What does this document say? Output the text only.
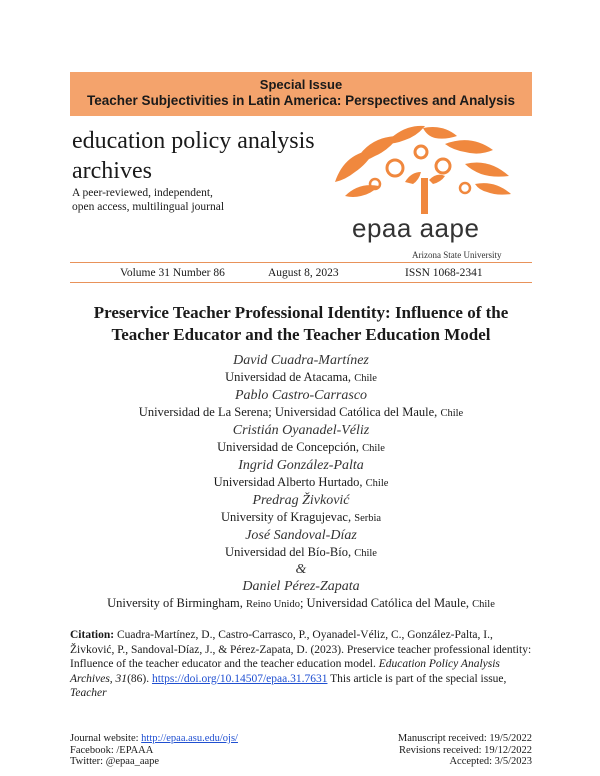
Special Issue
Teacher Subjectivities in Latin America: Perspectives and Analysis
education policy analysis
archives
A peer-reviewed, independent,
open access, multilingual journal
epaa aape
Arizona State University
Volume 31 Number 86	August 8, 2023	ISSN 1068-2341
Preservice Teacher Professional Identity: Influence of the
Teacher Educator and the Teacher Education Model
David Cuadra-Martínez
Universidad de Atacama, Chile
Pablo Castro-Carrasco
Universidad de La Serena; Universidad Católica del Maule, Chile
Cristián Oyanadel-Véliz
Universidad de Concepción, Chile
Ingrid González-Palta
Universidad Alberto Hurtado, Chile
Predrag Živković
University of Kragujevac, Serbia
José Sandoval-Díaz
Universidad del Bío-Bío, Chile
&
Daniel Pérez-Zapata
University of Birmingham, Reino Unido; Universidad Católica del Maule, Chile
Citation: Cuadra-Martínez, D., Castro-Carrasco, P., Oyanadel-Véliz, C., González-Palta, I., Živković, P., Sandoval-Díaz, J., & Pérez-Zapata, D. (2023). Preservice teacher professional identity: Influence of the teacher educator and the teacher education model. Education Policy Analysis Archives, 31(86). https://doi.org/10.14507/epaa.31.7631 This article is part of the special issue, Teacher
Journal website: http://epaa.asu.edu/ojs/
Facebook: /EPAAA
Twitter: @epaa_aape
Manuscript received: 19/5/2022
Revisions received: 19/12/2022
Accepted: 3/5/2023
